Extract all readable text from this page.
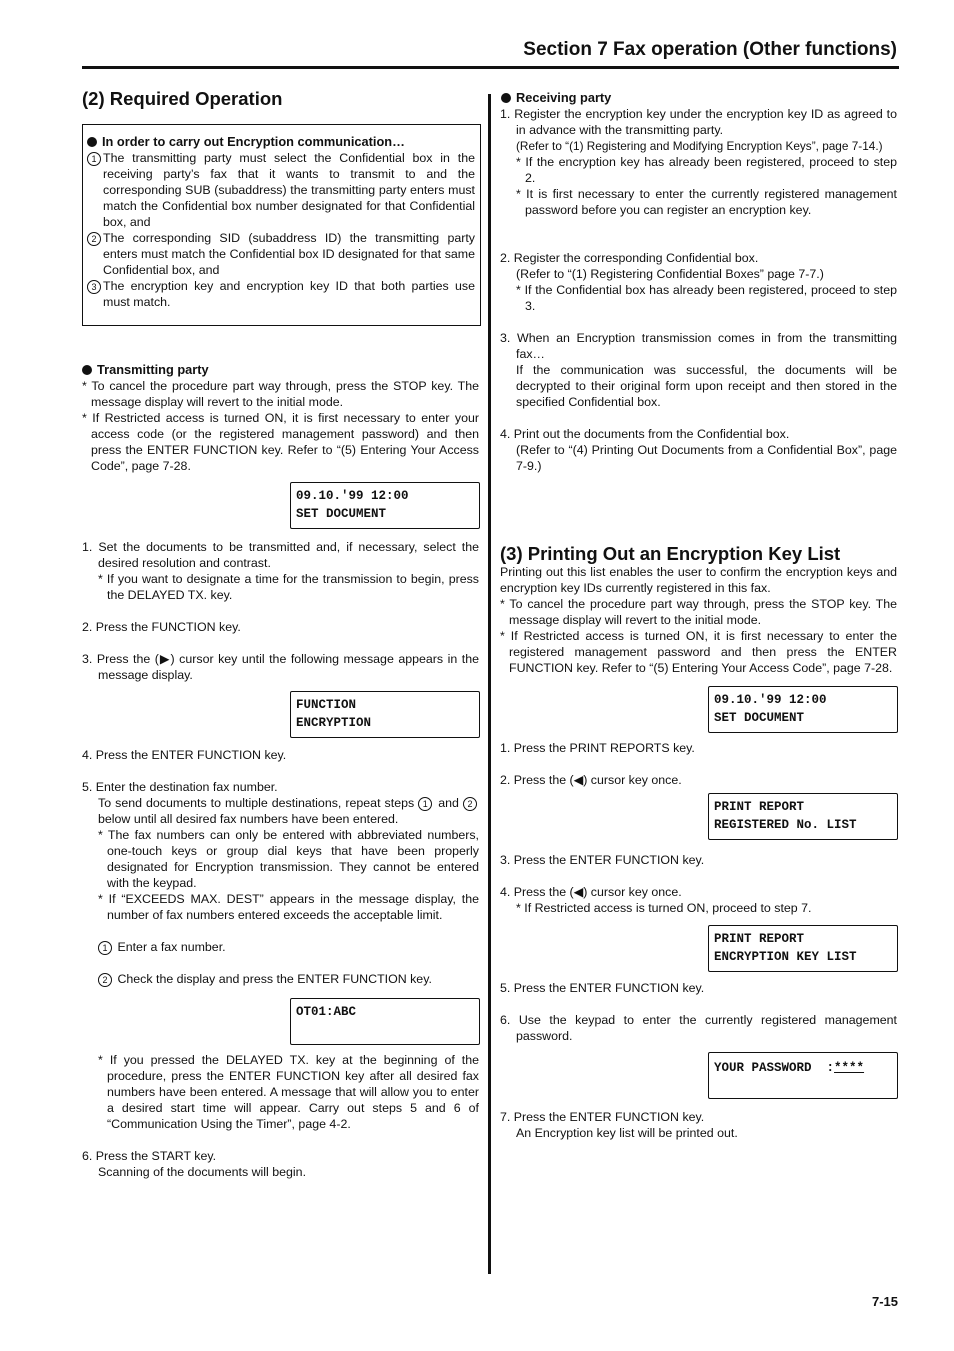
Section 7 Fax operation (Other functions)
(2) Required Operation
In order to carry out Encryption communication…

1 The transmitting party must select the Confidential box in the receiving party’s fax that it wants to transmit to and the corresponding SUB (subaddress) the transmitting party enters must match the Confidential box number designated for that Confidential box, and

2 The corresponding SID (subaddress ID) the transmitting party enters must match the Confidential box ID designated for that same Confidential box, and

3 The encryption key and encryption key ID that both parties use must match.

Transmitting party

* To cancel the procedure part way through, press the STOP key. The message display will revert to the initial mode.

* If Restricted access is turned ON, it is first necessary to enter your access code (or the registered management password) and then press the ENTER FUNCTION key. Refer to “(5) Entering Your Access Code”, page 7-28.

09.10.'99 12:00
SET DOCUMENT

1. Set the documents to be transmitted and, if necessary, select the desired resolution and contrast.

* If you want to designate a time for the transmission to begin, press the DELAYED TX. key.

2. Press the FUNCTION key.

3. Press the (▶) cursor key until the following message appears in the message display.

FUNCTION
ENCRYPTION

4. Press the ENTER FUNCTION key.

5. Enter the destination fax number.

To send documents to multiple destinations, repeat steps 1 and 2 below until all desired fax numbers have been entered.

* The fax numbers can only be entered with abbreviated numbers, one-touch keys or group dial keys that have been properly designated for Encryption transmission. They cannot be entered with the keypad.

* If “EXCEEDS MAX. DEST” appears in the message display, the number of fax numbers entered exceeds the acceptable limit.

1 Enter a fax number.

2 Check the display and press the ENTER FUNCTION key.

OT01:ABC

* If you pressed the DELAYED TX. key at the beginning of the procedure, press the ENTER FUNCTION key after all desired fax numbers have been entered. A message that will allow you to enter a desired start time will appear. Carry out steps 5 and 6 of “Communication Using the Timer”, page 4-2.

6. Press the START key.

Scanning of the documents will begin.

Receiving party

1. Register the encryption key under the encryption key ID as agreed to in advance with the transmitting party.

(Refer to “(1) Registering and Modifying Encryption Keys”, page 7-14.)

* If the encryption key has already been registered, proceed to step 2.

* It is first necessary to enter the currently registered management password before you can register an encryption key.

2. Register the corresponding Confidential box.

(Refer to “(1) Registering Confidential Boxes” page 7-7.)

* If the Confidential box has already been registered, proceed to step 3.

3. When an Encryption transmission comes in from the transmitting fax…

If the communication was successful, the documents will be decrypted to their original form upon receipt and then stored in the specified Confidential box.

4. Print out the documents from the Confidential box.

(Refer to “(4) Printing Out Documents from a Confidential Box”, page 7-9.)

(3) Printing Out an Encryption Key List

Printing out this list enables the user to confirm the encryption keys and encryption key IDs currently registered in this fax.

* To cancel the procedure part way through, press the STOP key. The message display will revert to the initial mode.

* If Restricted access is turned ON, it is first necessary to enter the registered management password and then press the ENTER FUNCTION key. Refer to “(5) Entering Your Access Code”, page 7-28.

09.10.'99 12:00
SET DOCUMENT

1. Press the PRINT REPORTS key.

2. Press the (◀) cursor key once.

PRINT REPORT
REGISTERED No. LIST

3. Press the ENTER FUNCTION key.

4. Press the (◀) cursor key once.

* If Restricted access is turned ON, proceed to step 7.

PRINT REPORT
ENCRYPTION KEY LIST

5. Press the ENTER FUNCTION key.

6. Use the keypad to enter the currently registered management password.

YOUR PASSWORD  :****

7. Press the ENTER FUNCTION key.

An Encryption key list will be printed out.

7-15
